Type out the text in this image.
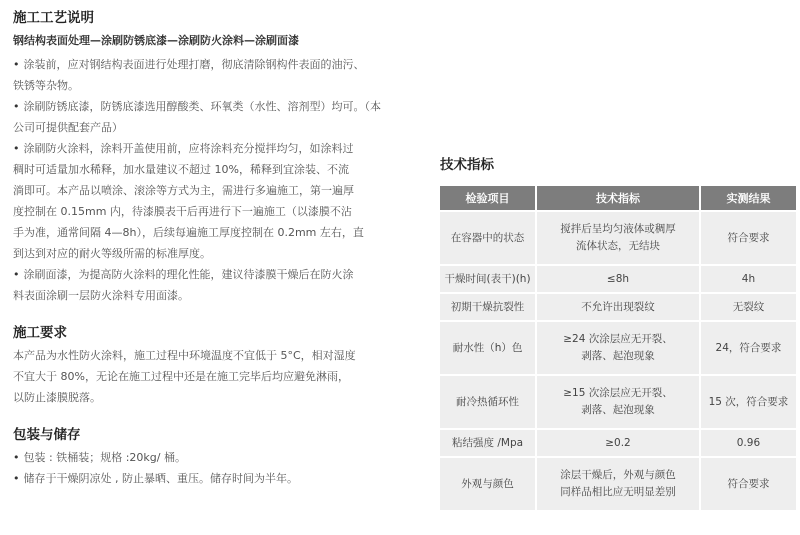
施工工艺说明
钢结构表面处理—涂刷防锈底漆—涂刷防火涂料—涂刷面漆
• 涂装前，应对钢结构表面进行处理打磨，彻底清除钢构件表面的油污、
铁锈等杂物。
• 涂刷防锈底漆，防锈底漆选用醇酸类、环氧类（水性、溶剂型）均可。（本
公司可提供配套产品）
• 涂刷防火涂料，涂料开盖使用前，应将涂料充分搅拌均匀，如涂料过
稠时可适量加水稀释，加水量建议不超过 10%，稀释到宜涂装、不流
淌即可。本产品以喷涂、滚涂等方式为主，需进行多遍施工，第一遍厚
度控制在 0.15mm 内，待漆膜表干后再进行下一遍施工（以漆膜不沾
手为准，通常间隔 4—8h），后续每遍施工厚度控制在 0.2mm 左右，直
到达到对应的耐火等级所需的标准厚度。
• 涂刷面漆，为提高防火涂料的理化性能，建议待漆膜干燥后在防火涂
料表面涂刷一层防火涂料专用面漆。
施工要求
本产品为水性防火涂料，施工过程中环境温度不宜低于 5°C，相对湿度
不宜大于 80%，无论在施工过程中还是在施工完毕后均应避免淋雨，
以防止漆膜脱落。
包装与储存
• 包装 : 铁桶装；规格 :20kg/ 桶。
• 储存于干燥阴凉处 , 防止暴晒、重压。储存时间为半年。
技术指标
检验项目	技术指标	实测结果
在容器中的状态	搅拌后呈均匀液体或稠厚
流体状态，无结块	符合要求
干燥时间(表干)(h)	≤8h	4h
初期干燥抗裂性	不允许出现裂纹	无裂纹
耐水性（h）色	≥24 次涂层应无开裂、
剥落、起泡现象	24，符合要求
耐冷热循环性	≥15 次涂层应无开裂、
剥落、起泡现象	15 次，符合要求
粘结强度 /Mpa	≥0.2	0.96
外观与颜色	涂层干燥后，外观与颜色
同样品相比应无明显差别	符合要求
